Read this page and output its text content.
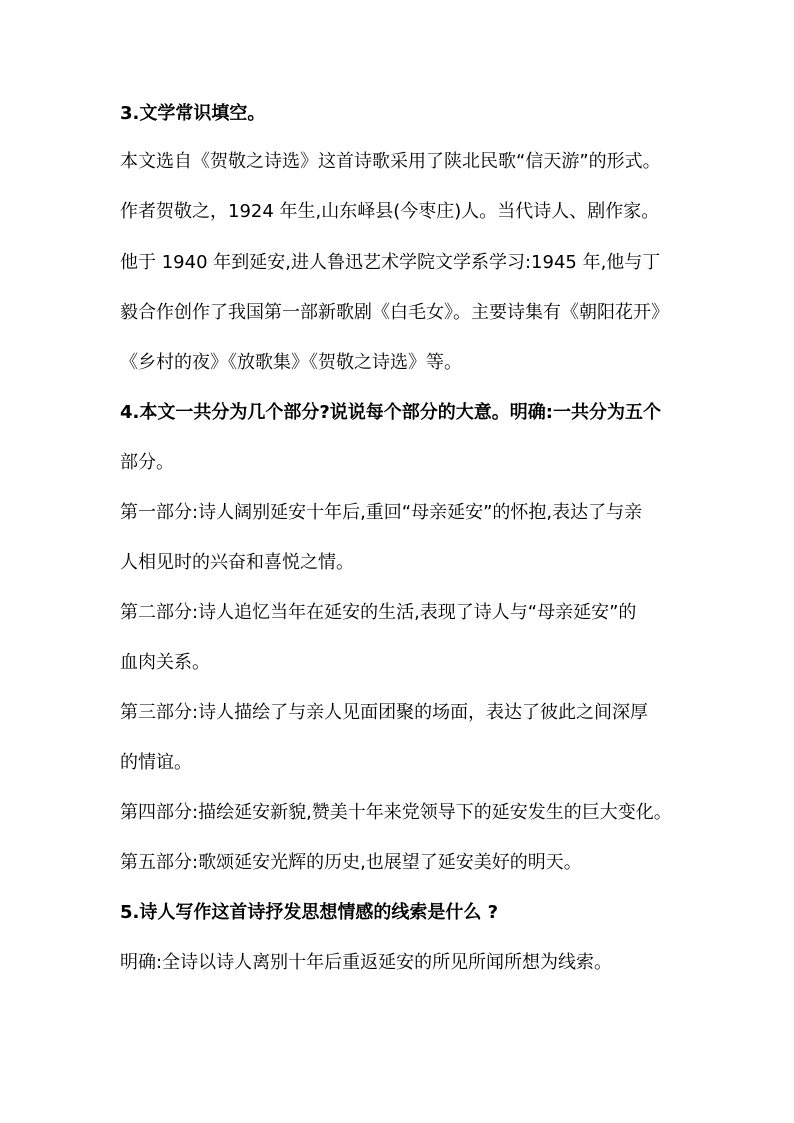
3.文学常识填空。
本文选自《贺敬之诗选》这首诗歌采用了陕北民歌“信天游”的形式。
作者贺敬之，1924 年生,山东峄县(今枣庄)人。当代诗人、剧作家。
他于 1940 年到延安,进人鲁迅艺术学院文学系学习:1945 年,他与丁
毅合作创作了我国第一部新歌剧《白毛女》。主要诗集有《朝阳花开》
《乡村的夜》《放歌集》《贺敬之诗选》等。
4.本文一共分为几个部分?说说每个部分的大意。明确:一共分为五个
部分。
第一部分:诗人阔别延安十年后,重回“母亲延安”的怀抱,表达了与亲
人相见时的兴奋和喜悦之情。
第二部分:诗人追忆当年在延安的生活,表现了诗人与“母亲延安”的
血肉关系。
第三部分:诗人描绘了与亲人见面团聚的场面，表达了彼此之间深厚
的情谊。
第四部分:描绘延安新貌,赞美十年来党领导下的延安发生的巨大变化。
第五部分:歌颂延安光辉的历史,也展望了延安美好的明天。
5.诗人写作这首诗抒发思想情感的线索是什么 ?
明确:全诗以诗人离别十年后重返延安的所见所闻所想为线索。
